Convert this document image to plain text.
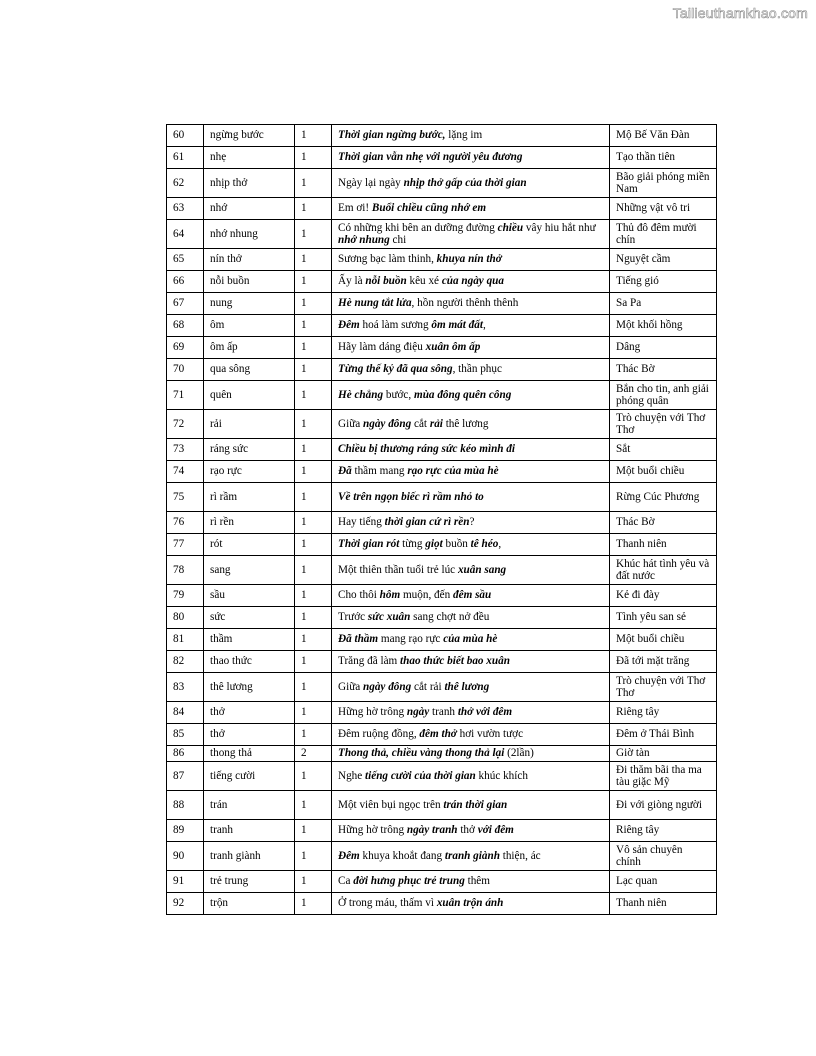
Tailieuthamkhao.com
60	ngừng bước	1	Thời gian ngừng bước, lặng im	Mộ Bế Văn Đàn
61	nhẹ	1	Thời gian vẫn nhẹ với người yêu đương	Tạo thần tiên
62	nhịp thở	1	Ngày lại ngày nhịp thở gấp của thời gian	Bão giải phóng miền Nam
63	nhớ	1	Em ơi! Buổi chiều cũng nhớ em	Những vật vô tri
64	nhớ nhung	1	Có những khi bên an dưỡng đường chiều vây hiu hắt như nhớ nhung chi	Thủ đô đêm mười chín
65	nín thở	1	Sương bạc làm thinh, khuya nín thở	Nguyệt cầm
66	nỗi buồn	1	Ấy là nỗi buồn kêu xé của ngày qua	Tiếng gió
67	nung	1	Hè nung tắt lửa, hồn người thênh thênh	Sa Pa
68	ôm	1	Đêm hoá làm sương ôm mát đất,	Một khối hồng
69	ôm ấp	1	Hãy làm dáng điệu xuân ôm ấp	Dâng
70	qua sông	1	Từng thế kỷ đã qua sông, thần phục	Thác Bờ
71	quên	1	Hè chẳng bước, mùa đông quên công	Bắn cho tin, anh giải phóng quân
72	rải	1	Giữa ngày đông cắt rải thê lương	Trò chuyện với Thơ Thơ
73	ráng sức	1	Chiều bị thương ráng sức kéo mình đi	Sắt
74	rạo rực	1	Đã thầm mang rạo rực của mùa hè	Một buổi chiều
75	rì rầm	1	Về trên ngọn biếc rì rầm nhỏ to	Rừng Cúc Phương
76	rì rền	1	Hay tiếng thời gian cứ rì rền?	Thác Bờ
77	rót	1	Thời gian rót từng giọt buồn tê héo,	Thanh niên
78	sang	1	Một thiên thần tuổi trẻ lúc xuân sang	Khúc hát tình yêu và đất nước
79	sầu	1	Cho thôi hôm muộn, đến đêm sầu	Kẻ đi đày
80	sức	1	Trước sức xuân sang chợt nở đều	Tình yêu san sẻ
81	thầm	1	Đã thầm mang rạo rực của mùa hè	Một buổi chiều
82	thao thức	1	Trăng đã làm thao thức biết bao xuân	Đã tới mặt trăng
83	thê lương	1	Giữa ngày đông cắt rải thê lương	Trò chuyện với Thơ Thơ
84	thở	1	Hững hờ trông ngày tranh thở với đêm	Riêng tây
85	thở	1	Đêm ruộng đồng, đêm thở hơi vườn tược	Đêm ở Thái Bình
86	thong thả	2	Thong thả, chiều vàng thong thả lại (2lần)	Giờ tàn
87	tiếng cười	1	Nghe tiếng cười của thời gian khúc khích	Đi thăm bãi tha ma tàu giặc Mỹ
88	trán	1	Một viên bụi ngọc trên trán thời gian	Đi với giòng người
89	tranh	1	Hững hờ trông ngày tranh thở với đêm	Riêng tây
90	tranh giành	1	Đêm khuya khoắt đang tranh giành thiện, ác	Vô sản chuyên chính
91	trẻ trung	1	Ca đời hưng phục trẻ trung thêm	Lạc quan
92	trộn	1	Ở trong máu, thấm vì xuân trộn ánh	Thanh niên
